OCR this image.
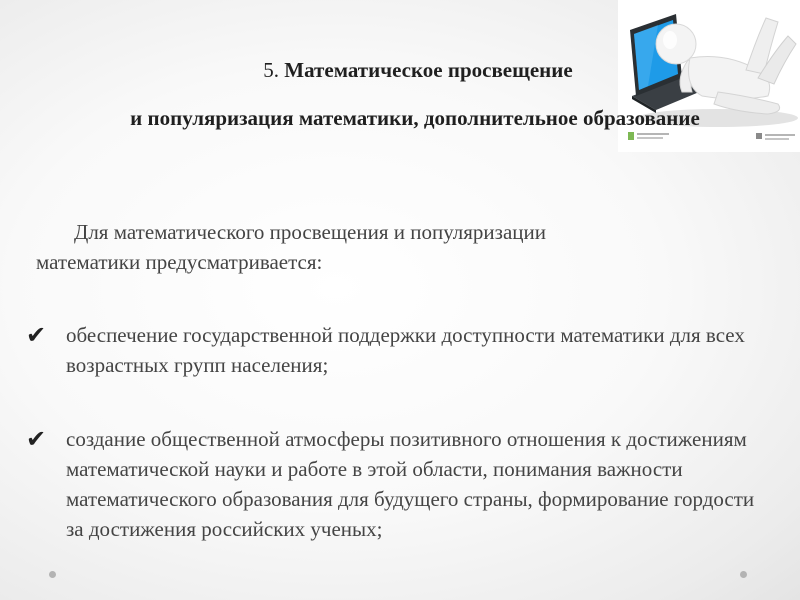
5. Математическое просвещение
и популяризация математики, дополнительное образование
Для математического просвещения и популяризации
математики предусматривается:
✔ обеспечение государственной поддержки доступности математики для всех возрастных групп населения;
✔ создание общественной атмосферы позитивного отношения к достижениям математической науки и работе в этой области, понимания важности математического образования для будущего страны, формирование гордости за достижения российских ученых;
